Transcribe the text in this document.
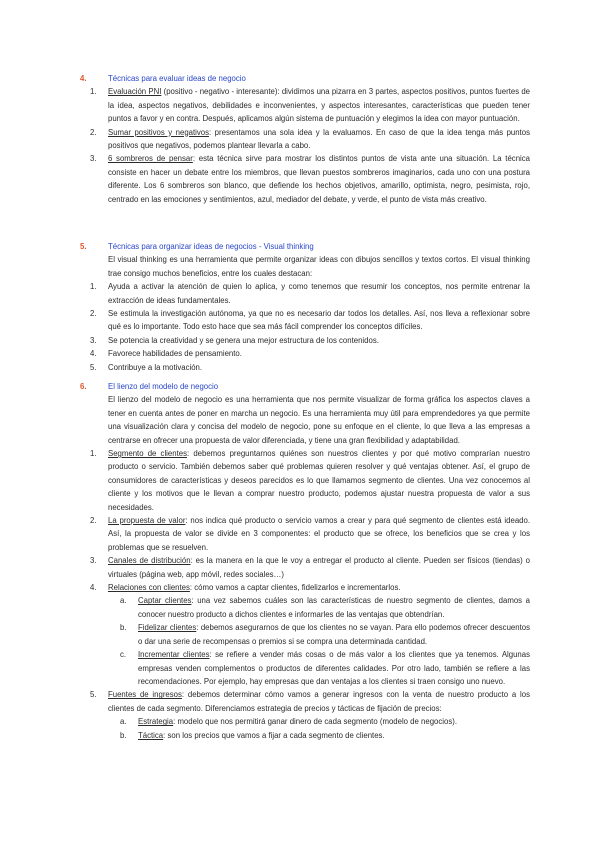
4.	Técnicas para evaluar ideas de negocio
1. Evaluación PNI (positivo - negativo - interesante): dividimos una pizarra en 3 partes, aspectos positivos, puntos fuertes de la idea, aspectos negativos, debilidades e inconvenientes, y aspectos interesantes, características que pueden tener puntos a favor y en contra. Después, aplicamos algún sistema de puntuación y elegimos la idea con mayor puntuación.
2. Sumar positivos y negativos: presentamos una sola idea y la evaluamos. En caso de que la idea tenga más puntos positivos que negativos, podemos plantear llevarla a cabo.
3. 6 sombreros de pensar: esta técnica sirve para mostrar los distintos puntos de vista ante una situación. La técnica consiste en hacer un debate entre los miembros, que llevan puestos sombreros imaginarios, cada uno con una postura diferente. Los 6 sombreros son blanco, que defiende los hechos objetivos, amarillo, optimista, negro, pesimista, rojo, centrado en las emociones y sentimientos, azul, mediador del debate, y verde, el punto de vista más creativo.
5.	Técnicas para organizar ideas de negocios - Visual thinking

El visual thinking es una herramienta que permite organizar ideas con dibujos sencillos y textos cortos. El visual thinking trae consigo muchos beneficios, entre los cuales destacan:

1. Ayuda a activar la atención de quien lo aplica, y como tenemos que resumir los conceptos, nos permite entrenar la extracción de ideas fundamentales.
2. Se estimula la investigación autónoma, ya que no es necesario dar todos los detalles. Así, nos lleva a reflexionar sobre qué es lo importante. Todo esto hace que sea más fácil comprender los conceptos difíciles.
3. Se potencia la creatividad y se genera una mejor estructura de los contenidos.
4. Favorece habilidades de pensamiento.
5. Contribuye a la motivación.
6.	El lienzo del modelo de negocio

El lienzo del modelo de negocio es una herramienta que nos permite visualizar de forma gráfica los aspectos claves a tener en cuenta antes de poner en marcha un negocio. Es una herramienta muy útil para emprendedores ya que permite una visualización clara y concisa del modelo de negocio, pone su enfoque en el cliente, lo que lleva a las empresas a centrarse en ofrecer una propuesta de valor diferenciada, y tiene una gran flexibilidad y adaptabilidad.

1. Segmento de clientes: debemos preguntarnos quiénes son nuestros clientes y por qué motivo comprarían nuestro producto o servicio. También debemos saber qué problemas quieren resolver y qué ventajas obtener. Así, el grupo de consumidores de características y deseos parecidos es lo que llamamos segmento de clientes. Una vez conocemos al cliente y los motivos que le llevan a comprar nuestro producto, podemos ajustar nuestra propuesta de valor a sus necesidades.
2. La propuesta de valor: nos indica qué producto o servicio vamos a crear y para qué segmento de clientes está ideado. Así, la propuesta de valor se divide en 3 componentes: el producto que se ofrece, los beneficios que se crea y los problemas que se resuelven.
3. Canales de distribución: es la manera en la que le voy a entregar el producto al cliente. Pueden ser físicos (tiendas) o virtuales (página web, app móvil, redes sociales…)
4. Relaciones con clientes: cómo vamos a captar clientes, fidelizarlos e incrementarlos.
a. Captar clientes: una vez sabemos cuáles son las características de nuestro segmento de clientes, damos a conocer nuestro producto a dichos clientes e informarles de las ventajas que obtendrían.
b. Fidelizar clientes: debemos asegurarnos de que los clientes no se vayan. Para ello podemos ofrecer descuentos o dar una serie de recompensas o premios si se compra una determinada cantidad.
c. Incrementar clientes: se refiere a vender más cosas o de más valor a los clientes que ya tenemos. Algunas empresas venden complementos o productos de diferentes calidades. Por otro lado, también se refiere a las recomendaciones. Por ejemplo, hay empresas que dan ventajas a los clientes si traen consigo uno nuevo.
5. Fuentes de ingresos: debemos determinar cómo vamos a generar ingresos con la venta de nuestro producto a los clientes de cada segmento. Diferenciamos estrategia de precios y tácticas de fijación de precios:
a. Estrategia: modelo que nos permitirá ganar dinero de cada segmento (modelo de negocios).
b. Táctica: son los precios que vamos a fijar a cada segmento de clientes.
